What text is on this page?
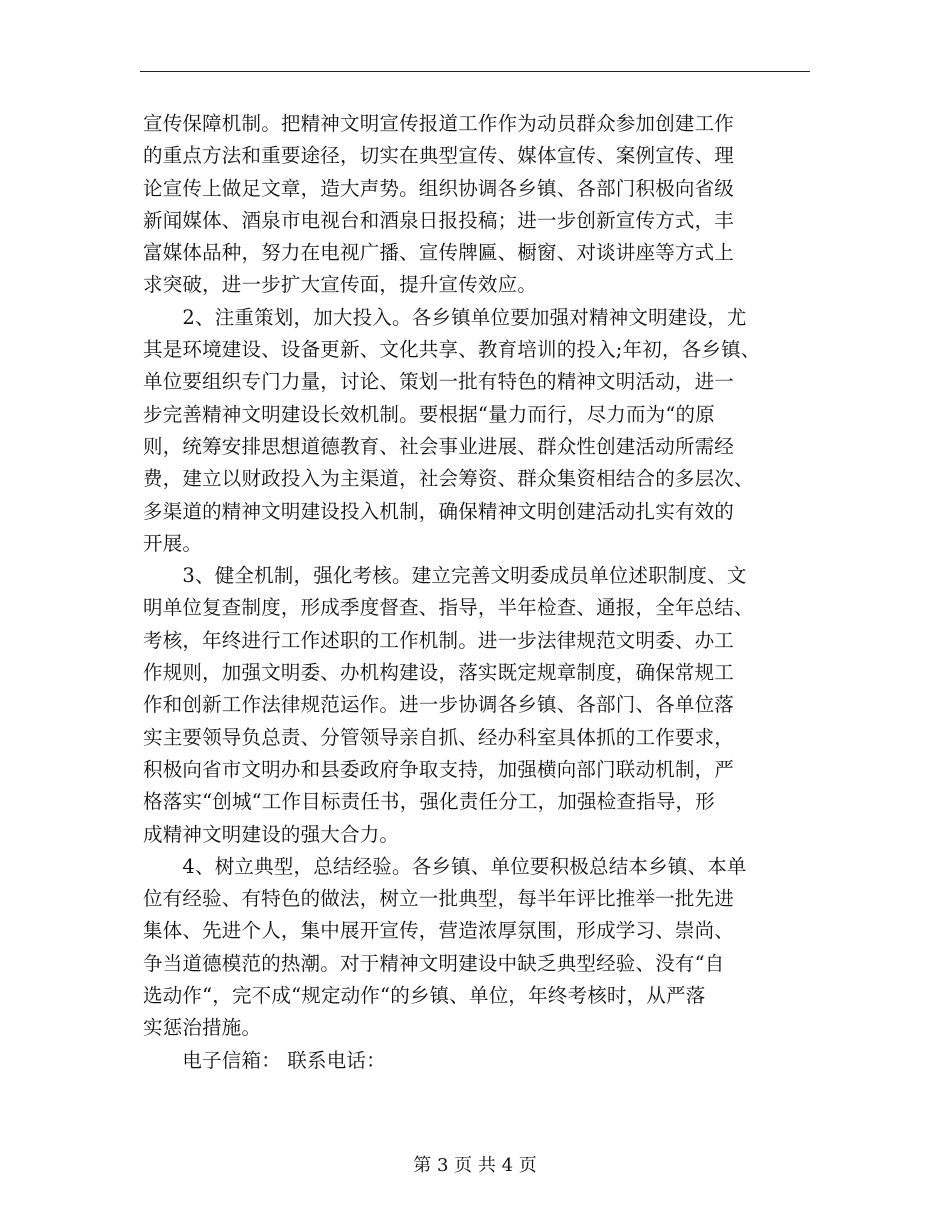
宣传保障机制。把精神文明宣传报道工作作为动员群众参加创建工作
的重点方法和重要途径，切实在典型宣传、媒体宣传、案例宣传、理
论宣传上做足文章，造大声势。组织协调各乡镇、各部门积极向省级
新闻媒体、酒泉市电视台和酒泉日报投稿；进一步创新宣传方式，丰
富媒体品种，努力在电视广播、宣传牌匾、橱窗、对谈讲座等方式上
求突破，进一步扩大宣传面，提升宣传效应。
　　2、注重策划，加大投入。各乡镇单位要加强对精神文明建设，尤
其是环境建设、设备更新、文化共享、教育培训的投入;年初，各乡镇、
单位要组织专门力量，讨论、策划一批有特色的精神文明活动，进一
步完善精神文明建设长效机制。要根据“量力而行，尽力而为“的原
则，统筹安排思想道德教育、社会事业进展、群众性创建活动所需经
费，建立以财政投入为主渠道，社会筹资、群众集资相结合的多层次、
多渠道的精神文明建设投入机制，确保精神文明创建活动扎实有效的
开展。
　　3、健全机制，强化考核。建立完善文明委成员单位述职制度、文
明单位复查制度，形成季度督查、指导，半年检查、通报，全年总结、
考核，年终进行工作述职的工作机制。进一步法律规范文明委、办工
作规则，加强文明委、办机构建设，落实既定规章制度，确保常规工
作和创新工作法律规范运作。进一步协调各乡镇、各部门、各单位落
实主要领导负总责、分管领导亲自抓、经办科室具体抓的工作要求，
积极向省市文明办和县委政府争取支持，加强横向部门联动机制，严
格落实“创城“工作目标责任书，强化责任分工，加强检查指导，形
成精神文明建设的强大合力。
　　4、树立典型，总结经验。各乡镇、单位要积极总结本乡镇、本单
位有经验、有特色的做法，树立一批典型，每半年评比推举一批先进
集体、先进个人，集中展开宣传，营造浓厚氛围，形成学习、崇尚、
争当道德模范的热潮。对于精神文明建设中缺乏典型经验、没有“自
选动作“，完不成“规定动作“的乡镇、单位，年终考核时，从严落
实惩治措施。
　　电子信箱： 联系电话：
第 3 页 共 4 页
